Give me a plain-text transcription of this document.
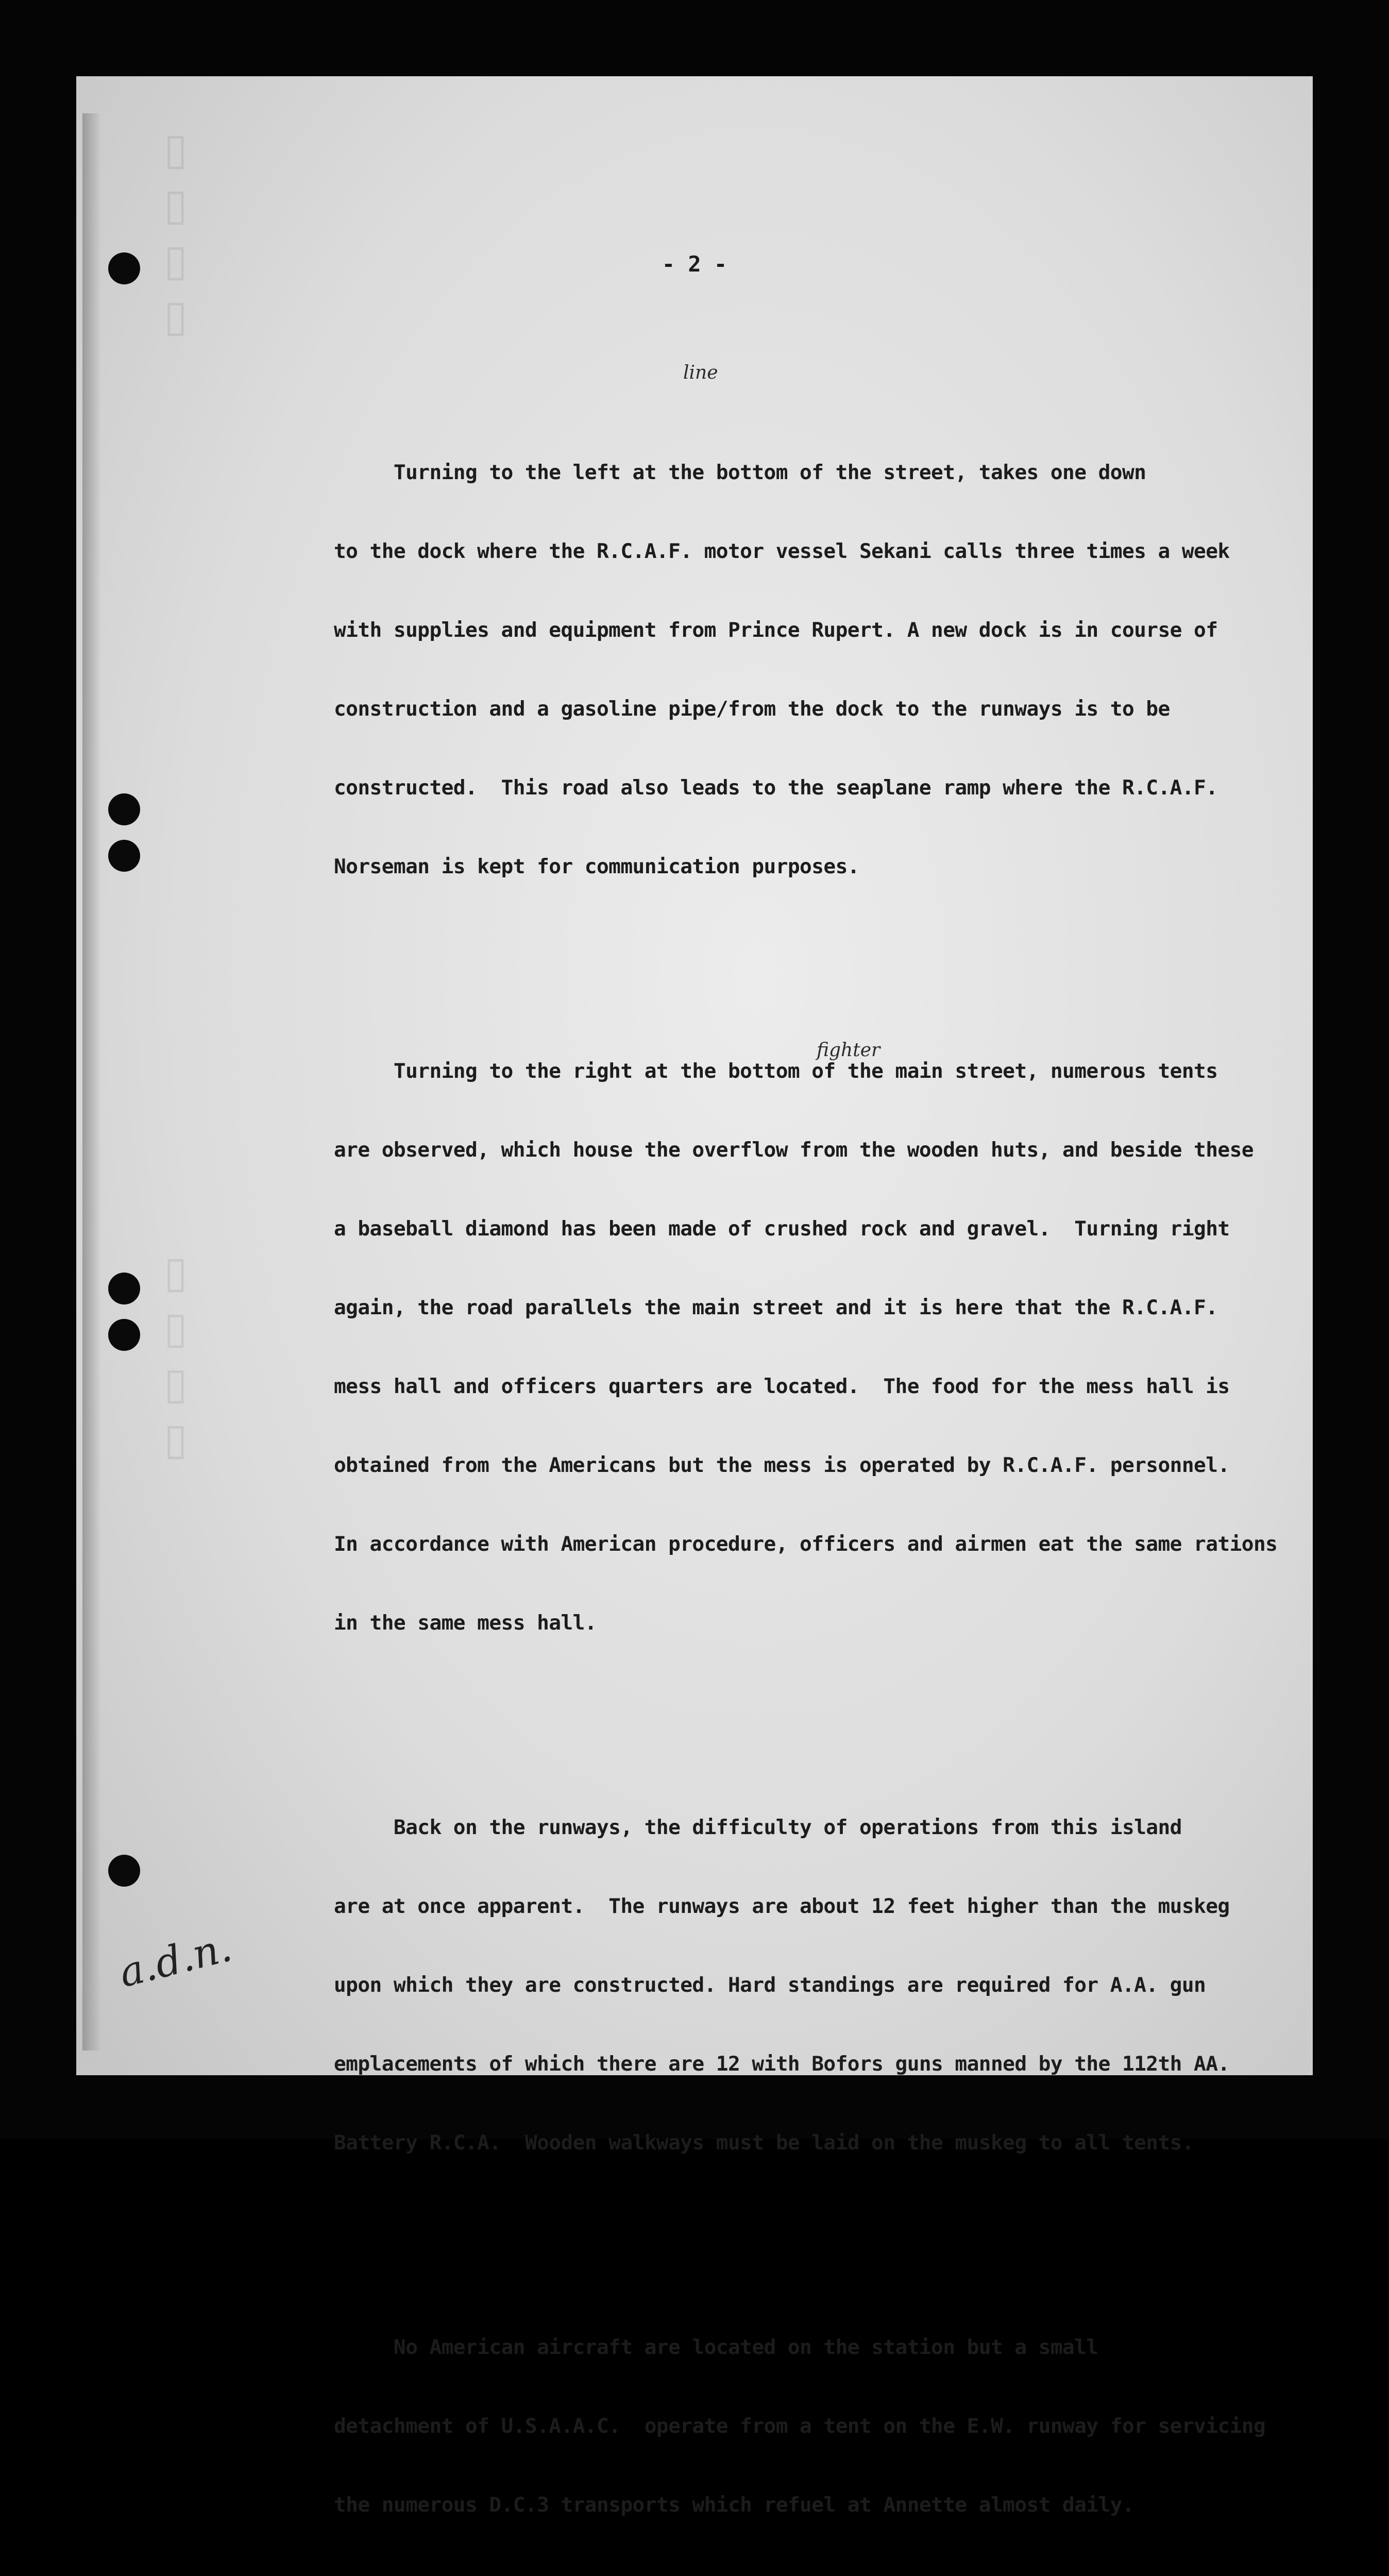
- 2 -

Turning to the left at the bottom of the street, takes one down

to the dock where the R.C.A.F. motor vessel Sekani calls three times a week

with supplies and equipment from Prince Rupert. A new dock is in course of

construction and a gasoline pipe/from the dock to the runways is to be

constructed.  This road also leads to the seaplane ramp where the R.C.A.F.

Norseman is kept for communication purposes.

Turning to the right at the bottom of the main street, numerous tents

are observed, which house the overflow from the wooden huts, and beside these

a baseball diamond has been made of crushed rock and gravel.  Turning right

again, the road parallels the main street and it is here that the R.C.A.F.

mess hall and officers quarters are located.  The food for the mess hall is

obtained from the Americans but the mess is operated by R.C.A.F. personnel.

In accordance with American procedure, officers and airmen eat the same rations

in the same mess hall.

Back on the runways, the difficulty of operations from this island

are at once apparent.  The runways are about 12 feet higher than the muskeg

upon which they are constructed. Hard standings are required for A.A. gun

emplacements of which there are 12 with Bofors guns manned by the 112th AA.

Battery R.C.A.  Wooden walkways must be laid on the muskeg to all tents.

No American aircraft are located on the station but a small

detachment of U.S.A.A.C.  operate from a tent on the E.W. runway for servicing

the numerous D.C.3 transports which refuel at Annette almost daily.

line
fighter
▯▯▯▯
▯▯▯▯
a.d.n.
